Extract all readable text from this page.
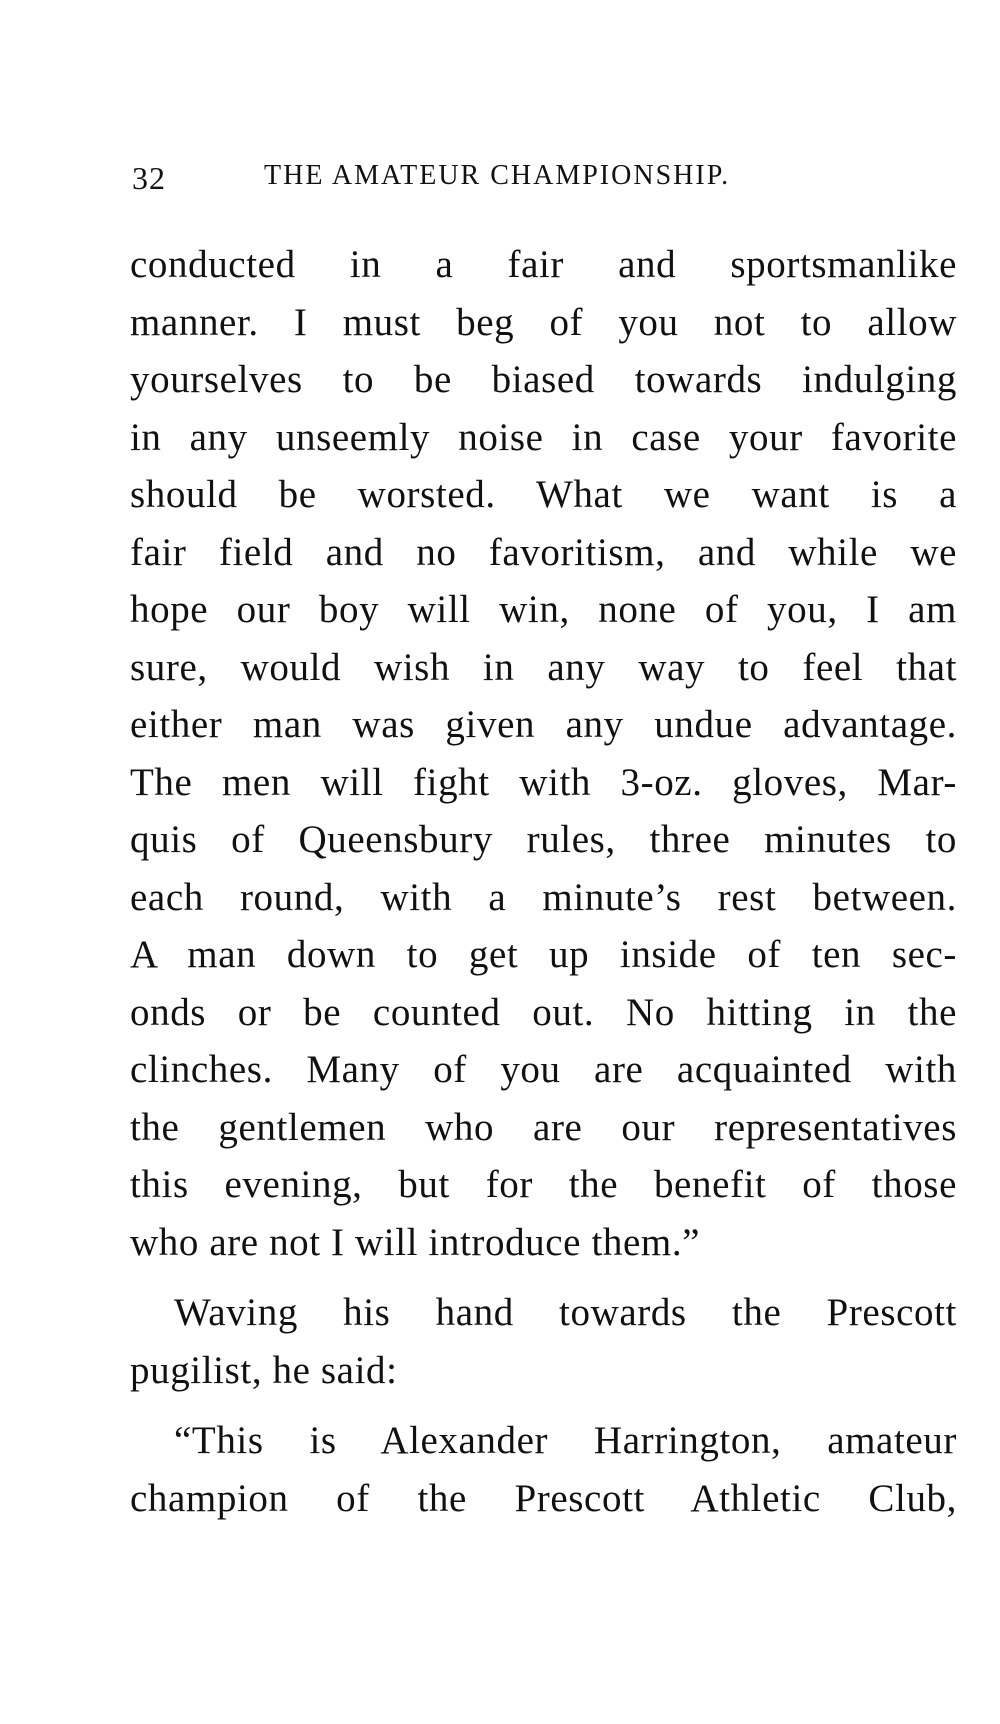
32	THE AMATEUR CHAMPIONSHIP.
conducted in a fair and sportsmanlike
manner. I must beg of you not to allow
yourselves to be biased towards indulging
in any unseemly noise in case your favorite
should be worsted. What we want is a
fair field and no favoritism, and while we
hope our boy will win, none of you, I am
sure, would wish in any way to feel that
either man was given any undue advantage.
The men will fight with 3-oz. gloves, Mar-
quis of Queensbury rules, three minutes to
each round, with a minute’s rest between.
A man down to get up inside of ten sec-
onds or be counted out. No hitting in the
clinches. Many of you are acquainted with
the gentlemen who are our representatives
this evening, but for the benefit of those
who are not I will introduce them.”
Waving his hand towards the Prescott
pugilist, he said:
“This is Alexander Harrington, amateur
champion of the Prescott Athletic Club,
